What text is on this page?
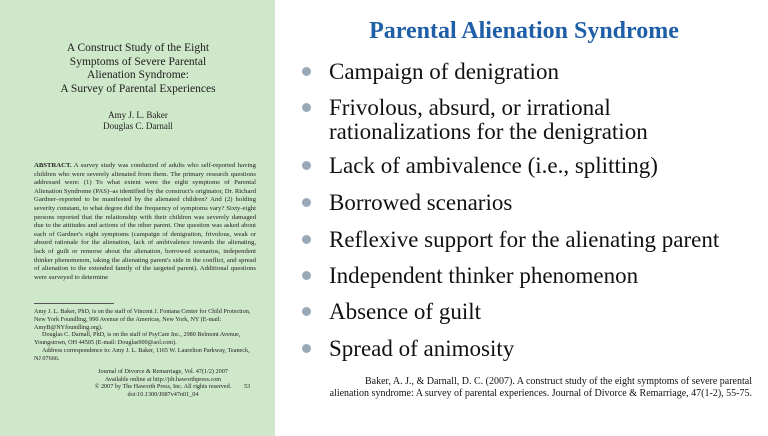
A Construct Study of the Eight
Symptoms of Severe Parental
Alienation Syndrome:
A Survey of Parental Experiences
Amy J. L. Baker
Douglas C. Darnall
ABSTRACT. A survey study was conducted of adults who self-reported having children who were severely alienated from them. The primary research questions addressed were: (1) To what extent were the eight symptoms of Parental Alienation Syndrome (PAS)–as identified by the construct's originator, Dr. Richard Gardner–reported to be manifested by the alienated children? And (2) holding severity constant, to what degree did the frequency of symptoms vary? Sixty-eight persons reported that the relationship with their children was severely damaged due to the attitudes and actions of the other parent. One question was asked about each of Gardner's eight symptoms (campaign of denigration, frivolous, weak or absurd rationale for the alienation, lack of ambivalence towards the alienating, lack of guilt or remorse about the alienation, borrowed scenarios, independent thinker phenomenon, taking the alienating parent's side in the conflict, and spread of alienation to the extended family of the targeted parent). Additional questions were surveyed to determine
Amy J. L. Baker, PhD, is on the staff of Vincent J. Fontana Center for Child Protection, New York Foundling, 990 Avenue of the Americas, New York, NY (E-mail: AmyB@NYfoundling.org).
Douglas C. Darnall, PhD, is on the staff of PsyCare Inc., 2980 Belmont Avenue, Youngstown, OH 44505 (E-mail: Douglas900@aol.com).
Address correspondence to: Amy J. L. Baker, 1165 W. Laurelton Parkway, Teaneck, NJ 07666.
Journal of Divorce & Remarriage, Vol. 47(1/2) 2007
Available online at http://jdr.haworthpress.com
© 2007 by The Haworth Press, Inc. All rights reserved.
doi:10.1300/J087v47n01_04
53
Parental Alienation Syndrome
Campaign of denigration
Frivolous, absurd, or irrational
rationalizations for the denigration
Lack of ambivalence (i.e., splitting)
Borrowed scenarios
Reflexive support for the alienating parent
Independent thinker phenomenon
Absence of guilt
Spread of animosity
Baker, A. J., & Darnall, D. C. (2007). A construct study of the eight symptoms of severe parental alienation syndrome: A survey of parental experiences. Journal of Divorce & Remarriage, 47(1-2), 55-75.
